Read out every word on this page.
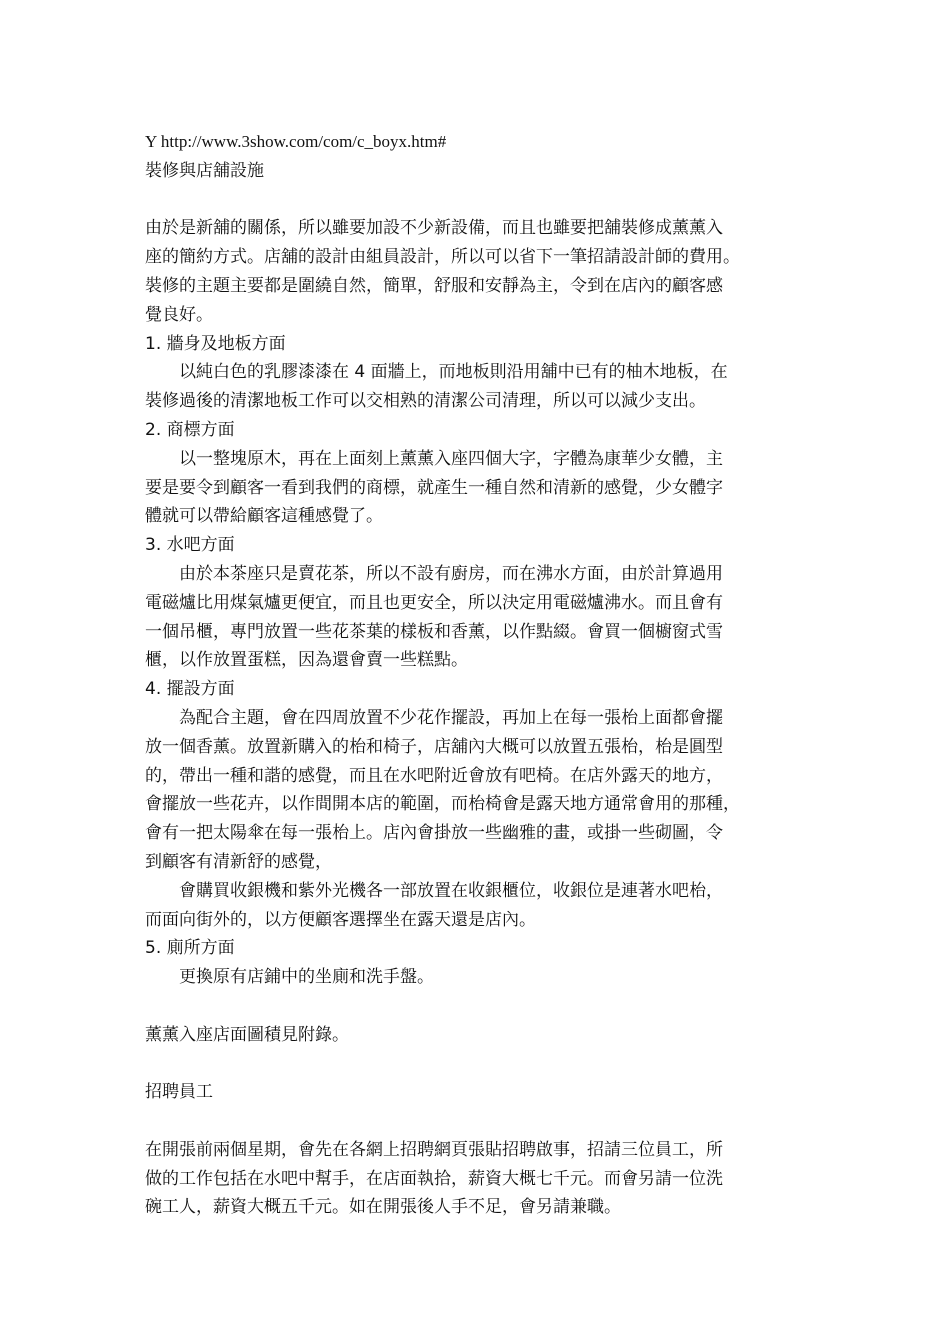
Y http://www.3show.com/com/c_boyx.htm#

裝修與店舖設施

由於是新舖的關係，所以雖要加設不少新設備，而且也雖要把舖裝修成薰薰入

座的簡約方式。店舖的設計由組員設計，所以可以省下一筆招請設計師的費用。

裝修的主題主要都是圍繞自然，簡單，舒服和安靜為主，令到在店內的顧客感

覺良好。

1. 牆身及地板方面

以純白色的乳膠漆漆在 4 面牆上，而地板則沿用舖中已有的柚木地板，在

裝修過後的清潔地板工作可以交相熟的清潔公司清理，所以可以減少支出。

2. 商標方面

以一整塊原木，再在上面刻上薰薰入座四個大字，字體為康華少女體，主

要是要令到顧客一看到我們的商標，就產生一種自然和清新的感覺，少女體字

體就可以帶給顧客這種感覺了。

3. 水吧方面

由於本茶座只是賣花茶，所以不設有廚房，而在沸水方面，由於計算過用

電磁爐比用煤氣爐更便宜，而且也更安全，所以決定用電磁爐沸水。而且會有

一個吊櫃，專門放置一些花茶葉的樣板和香薰，以作點綴。會買一個櫥窗式雪

櫃，以作放置蛋糕，因為還會賣一些糕點。

4. 擺設方面

為配合主題，會在四周放置不少花作擺設，再加上在每一張枱上面都會擺

放一個香薰。放置新購入的枱和椅子，店舖內大概可以放置五張枱，枱是圓型

的，帶出一種和諧的感覺，而且在水吧附近會放有吧椅。在店外露天的地方，

會擺放一些花卉，以作間開本店的範圍，而枱椅會是露天地方通常會用的那種，

會有一把太陽傘在每一張枱上。店內會掛放一些幽雅的畫，或掛一些砌圖，令

到顧客有清新舒的感覺，

會購買收銀機和紫外光機各一部放置在收銀櫃位，收銀位是連著水吧枱，

而面向街外的，以方便顧客選擇坐在露天還是店內。

5. 廁所方面

更換原有店鋪中的坐廁和洗手盤。

薰薰入座店面圖積見附錄。

招聘員工

在開張前兩個星期，會先在各網上招聘網頁張貼招聘啟事，招請三位員工，所

做的工作包括在水吧中幫手，在店面執拾，薪資大概七千元。而會另請一位洗

碗工人，薪資大概五千元。如在開張後人手不足，會另請兼職。
